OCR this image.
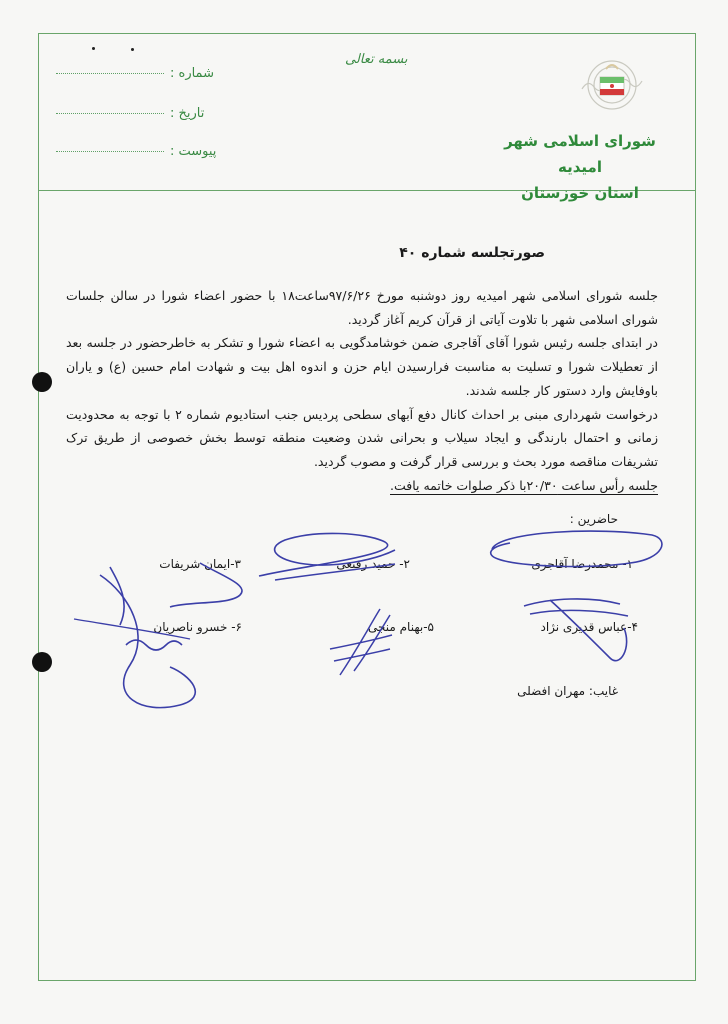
شماره :
تاریخ :
پیوست :
بسمه تعالی
شورای اسلامی شهر امیدیه
استان خوزستان
صورتجلسه شماره ۴۰

جلسه شورای اسلامی شهر امیدیه روز دوشنبه مورخ ۹۷/۶/۲۶ساعت۱۸ با حضور اعضاء شورا در سالن جلسات شورای اسلامی شهر با تلاوت آیاتی از قرآن کریم آغاز گردید.

در ابتدای جلسه رئیس شورا آقای آقاجری ضمن خوشامدگویی به اعضاء شورا و تشکر به خاطرحضور در جلسه بعد از تعطیلات شورا و تسلیت به مناسبت فرارسیدن ایام حزن و اندوه اهل بیت و شهادت امام حسین (ع) و یاران باوفایش وارد دستور کار جلسه شدند.

درخواست شهرداری مبنی بر احداث کانال دفع آبهای سطحی پردیس جنب استادیوم شماره ۲ با توجه به محدودیت زمانی و احتمال بارندگی و ایجاد سیلاب و بحرانی شدن وضعیت منطقه توسط بخش خصوصی از طریق ترک تشریفات مناقصه مورد بحث و بررسی قرار گرفت و مصوب گردید.

جلسه رأس ساعت ۲۰/۳۰با ذکر صلوات خاتمه یافت.

حاضرین :
۱- محمدرضا آقاجری
۲- حمید رفیعی
۳-ایمان شریفات
۴-عباس قدیری نژاد
۵-بهنام منجی
۶- خسرو ناصریان
غایب: مهران افضلی
